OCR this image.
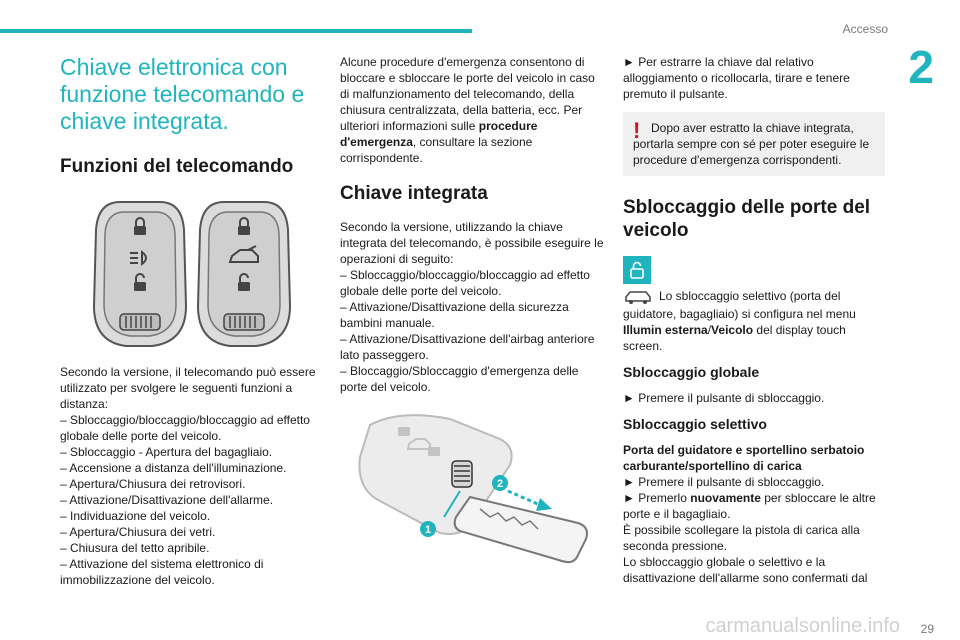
Accesso
2
29
Chiave elettronica con funzione telecomando e chiave integrata.
Funzioni del telecomando

Secondo la versione, il telecomando può essere utilizzato per svolgere le seguenti funzioni a distanza:
– Sbloccaggio/bloccaggio/bloccaggio ad effetto globale delle porte del veicolo.
– Sbloccaggio - Apertura del bagagliaio.
– Accensione a distanza dell'illuminazione.
– Apertura/Chiusura dei retrovisori.
– Attivazione/Disattivazione dell'allarme.
– Individuazione del veicolo.
– Apertura/Chiusura dei vetri.
– Chiusura del tetto apribile.
– Attivazione del sistema elettronico di immobilizzazione del veicolo.

Alcune procedure d'emergenza consentono di bloccare e sbloccare le porte del veicolo in caso di malfunzionamento del telecomando, della chiusura centralizzata, della batteria, ecc. Per ulteriori informazioni sulle procedure d'emergenza, consultare la sezione corrispondente.

Chiave integrata

Secondo la versione, utilizzando la chiave integrata del telecomando, è possibile eseguire le operazioni di seguito:
– Sbloccaggio/bloccaggio/bloccaggio ad effetto globale delle porte del veicolo.
– Attivazione/Disattivazione della sicurezza bambini manuale.
– Attivazione/Disattivazione dell'airbag anteriore lato passeggero.
– Bloccaggio/Sbloccaggio d'emergenza delle porte del veicolo.

2
1

► Per estrarre la chiave dal relativo alloggiamento o ricollocarla, tirare e tenere premuto il pulsante.

! Dopo aver estratto la chiave integrata, portarla sempre con sé per poter eseguire le procedure d'emergenza corrispondenti.

Sbloccaggio delle porte del veicolo

Lo sbloccaggio selettivo (porta del guidatore, bagagliaio) si configura nel menu Illumin esterna/Veicolo del display touch screen.

Sbloccaggio globale

► Premere il pulsante di sbloccaggio.

Sbloccaggio selettivo

Porta del guidatore e sportellino serbatoio carburante/sportellino di carica
► Premere il pulsante di sbloccaggio.
► Premerlo nuovamente per sbloccare le altre porte e il bagagliaio.

È possibile scollegare la pistola di carica alla seconda pressione.
Lo sbloccaggio globale o selettivo e la disattivazione dell'allarme sono confermati dal

carmanualsonline.info
